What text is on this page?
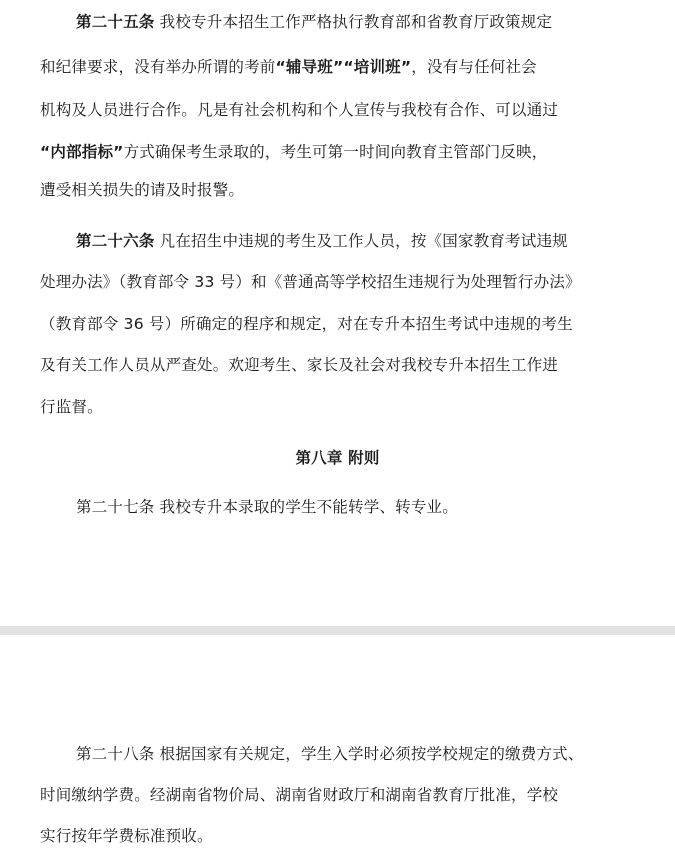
第二十五条 我校专升本招生工作严格执行教育部和省教育厅政策规定
和纪律要求，没有举办所谓的考前“辅导班”“培训班”，没有与任何社会
机构及人员进行合作。凡是有社会机构和个人宣传与我校有合作、可以通过
“内部指标”方式确保考生录取的，考生可第一时间向教育主管部门反映，
遭受相关损失的请及时报警。
第二十六条 凡在招生中违规的考生及工作人员，按《国家教育考试违规
处理办法》（教育部令 33 号）和《普通高等学校招生违规行为处理暂行办法》
（教育部令 36 号）所确定的程序和规定，对在专升本招生考试中违规的考生
及有关工作人员从严查处。欢迎考生、家长及社会对我校专升本招生工作进
行监督。
第八章 附则
第二十七条 我校专升本录取的学生不能转学、转专业。
第二十八条 根据国家有关规定，学生入学时必须按学校规定的缴费方式、
时间缴纳学费。经湖南省物价局、湖南省财政厅和湖南省教育厅批准，学校
实行按年学费标准预收。
